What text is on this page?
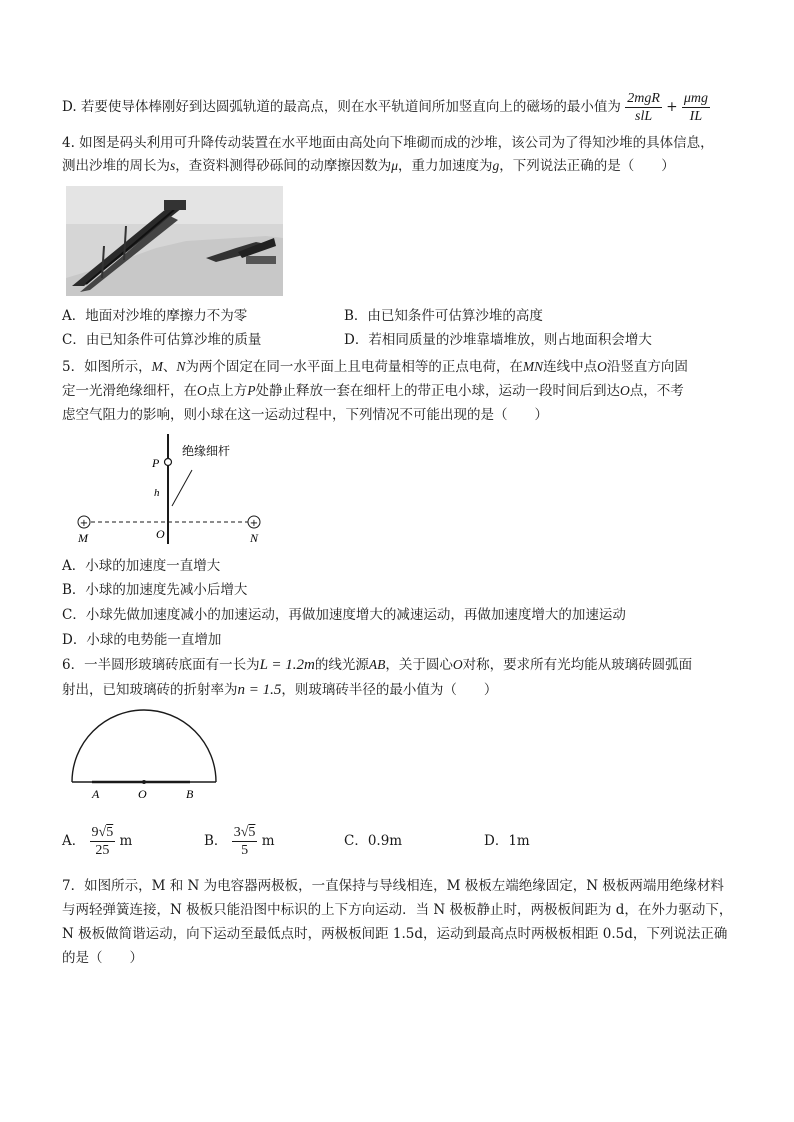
D. 若要使导体棒刚好到达圆弧轨道的最高点，则在水平轨道间所加竖直向上的磁场的最小值为 $\frac{\text{2mgR}}{\text{slL}} + \frac{\text{μmg}}{IL}$
4. 如图是码头利用可升降传动装置在水平地面由高处向下堆砌而成的沙堆，该公司为了得知沙堆的具体信息，
测出沙堆的周长为s，查资料测得砂砾间的动摩擦因数为μ，重力加速度为g，下列说法正确的是（　　）
A．地面对沙堆的摩擦力不为零	B．由已知条件可估算沙堆的高度
C．由已知条件可估算沙堆的质量	D．若相同质量的沙堆靠墙堆放，则占地面积会增大
5．如图所示，M、N为两个固定在同一水平面上且电荷量相等的正点电荷，在MN连线中点O沿竖直方向固
定一光滑绝缘细杆，在O点上方P处静止释放一套在细杆上的带正电小球，运动一段时间后到达O点，不考
虑空气阻力的影响，则小球在这一运动过程中，下列情况不可能出现的是（　　）
+	+
绝缘细杆
P
h
M	O	N
A．小球的加速度一直增大
B．小球的加速度先减小后增大
C．小球先做加速度减小的加速运动，再做加速度增大的减速运动，再做加速度增大的加速运动
D．小球的电势能一直增加
6．一半圆形玻璃砖底面有一长为L = 1.2m的线光源AB，关于圆心O对称，要求所有光均能从玻璃砖圆弧面
射出，已知玻璃砖的折射率为n = 1.5，则玻璃砖半径的最小值为（　　）
A	O	B
A． $\frac{9√5}{25}$ m	B． $\frac{3√5}{5}$ m	C．0.9m	D．1m
7．如图所示，M 和 N 为电容器两极板，一直保持与导线相连，M 极板左端绝缘固定，N 极板两端用绝缘材料
与两轻弹簧连接，N 极板只能沿图中标识的上下方向运动．当 N 极板静止时，两极板间距为 d，在外力驱动下，
N 极板做简谐运动，向下运动至最低点时，两极板间距 1.5d，运动到最高点时两极板相距 0.5d，下列说法正确
的是（　　）
